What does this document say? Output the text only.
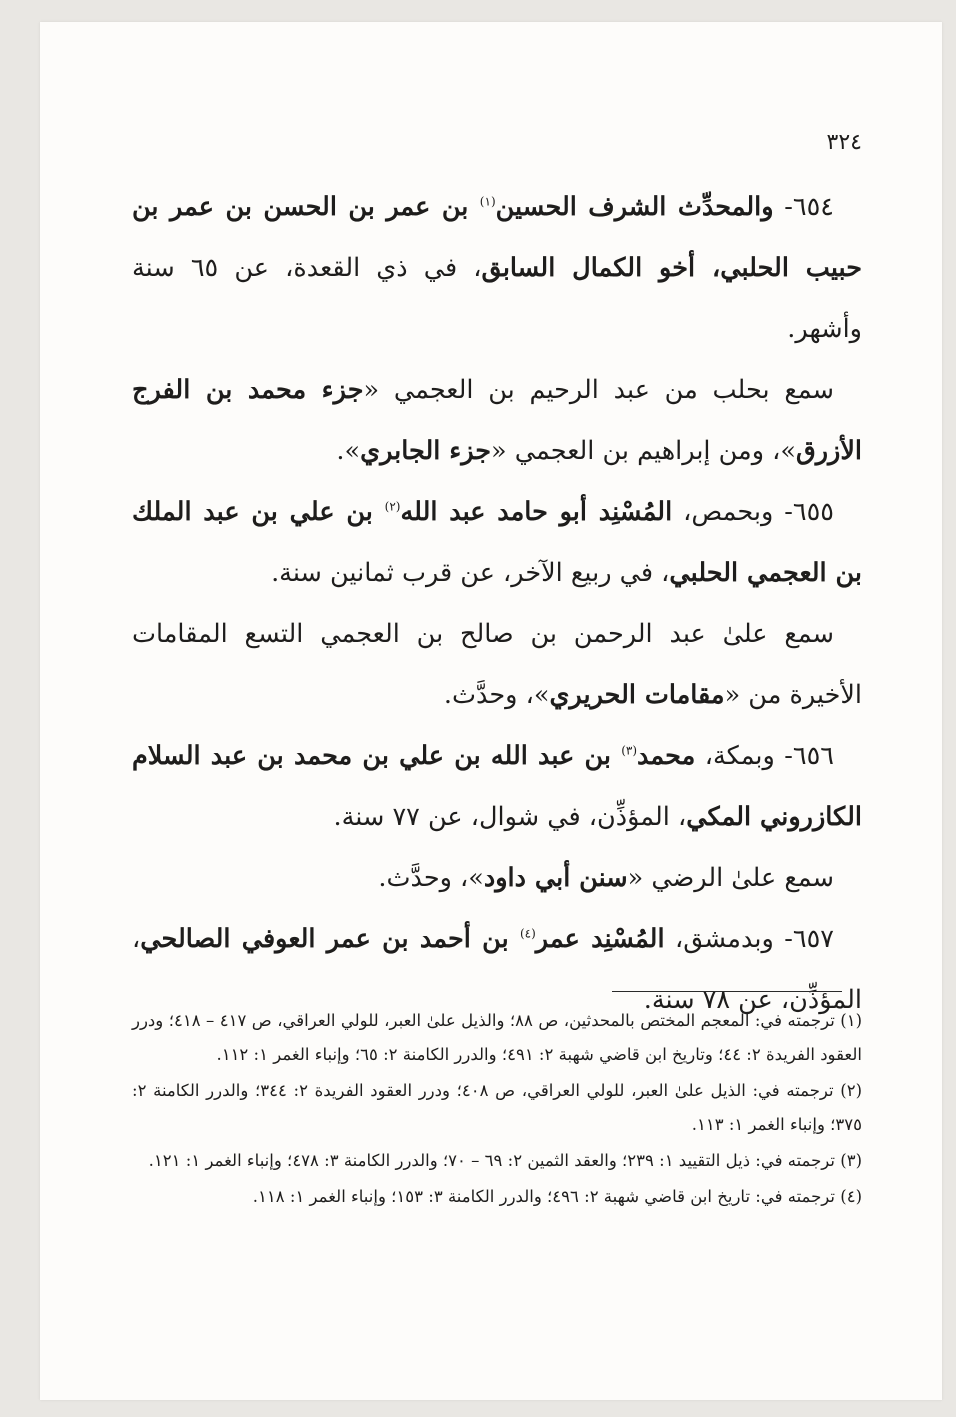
٣٢٤

٦٥٤- والمحدِّث الشرف الحسين$^{(١)}$ بن عمر بن الحسن بن عمر بن حبيب الحلبي، أخو الكمال السابق، في ذي القعدة، عن ٦٥ سنة وأشهر.

سمع بحلب من عبد الرحيم بن العجمي «جزء محمد بن الفرج الأزرق»، ومن إبراهيم بن العجمي «جزء الجابري».

٦٥٥- وبحمص، المُسْنِد أبو حامد عبد الله$^{(٢)}$ بن علي بن عبد الملك بن العجمي الحلبي، في ربيع الآخر، عن قرب ثمانين سنة.

سمع علىٰ عبد الرحمن بن صالح بن العجمي التسع المقامات الأخيرة من «مقامات الحريري»، وحدَّث.

٦٥٦- وبمكة، محمد$^{(٣)}$ بن عبد الله بن علي بن محمد بن عبد السلام الكازروني المكي، المؤذِّن، في شوال، عن ٧٧ سنة.

سمع علىٰ الرضي «سنن أبي داود»، وحدَّث.

٦٥٧- وبدمشق، المُسْنِد عمر$^{(٤)}$ بن أحمد بن عمر العوفي الصالحي، المؤذِّن، عن ٧٨ سنة.

(١) ترجمته في: المعجم المختص بالمحدثين، ص ٨٨؛ والذيل علىٰ العبر، للولي العراقي، ص ٤١٧ – ٤١٨؛ ودرر العقود الفريدة ٢: ٤٤؛ وتاريخ ابن قاضي شهبة ٢: ٤٩١؛ والدرر الكامنة ٢: ٦٥؛ وإنباء الغمر ١: ١١٢.

(٢) ترجمته في: الذيل علىٰ العبر، للولي العراقي، ص ٤٠٨؛ ودرر العقود الفريدة ٢: ٣٤٤؛ والدرر الكامنة ٢: ٣٧٥؛ وإنباء الغمر ١: ١١٣.

(٣) ترجمته في: ذيل التقييد ١: ٢٣٩؛ والعقد الثمين ٢: ٦٩ – ٧٠؛ والدرر الكامنة ٣: ٤٧٨؛ وإنباء الغمر ١: ١٢١.

(٤) ترجمته في: تاريخ ابن قاضي شهبة ٢: ٤٩٦؛ والدرر الكامنة ٣: ١٥٣؛ وإنباء الغمر ١: ١١٨.
